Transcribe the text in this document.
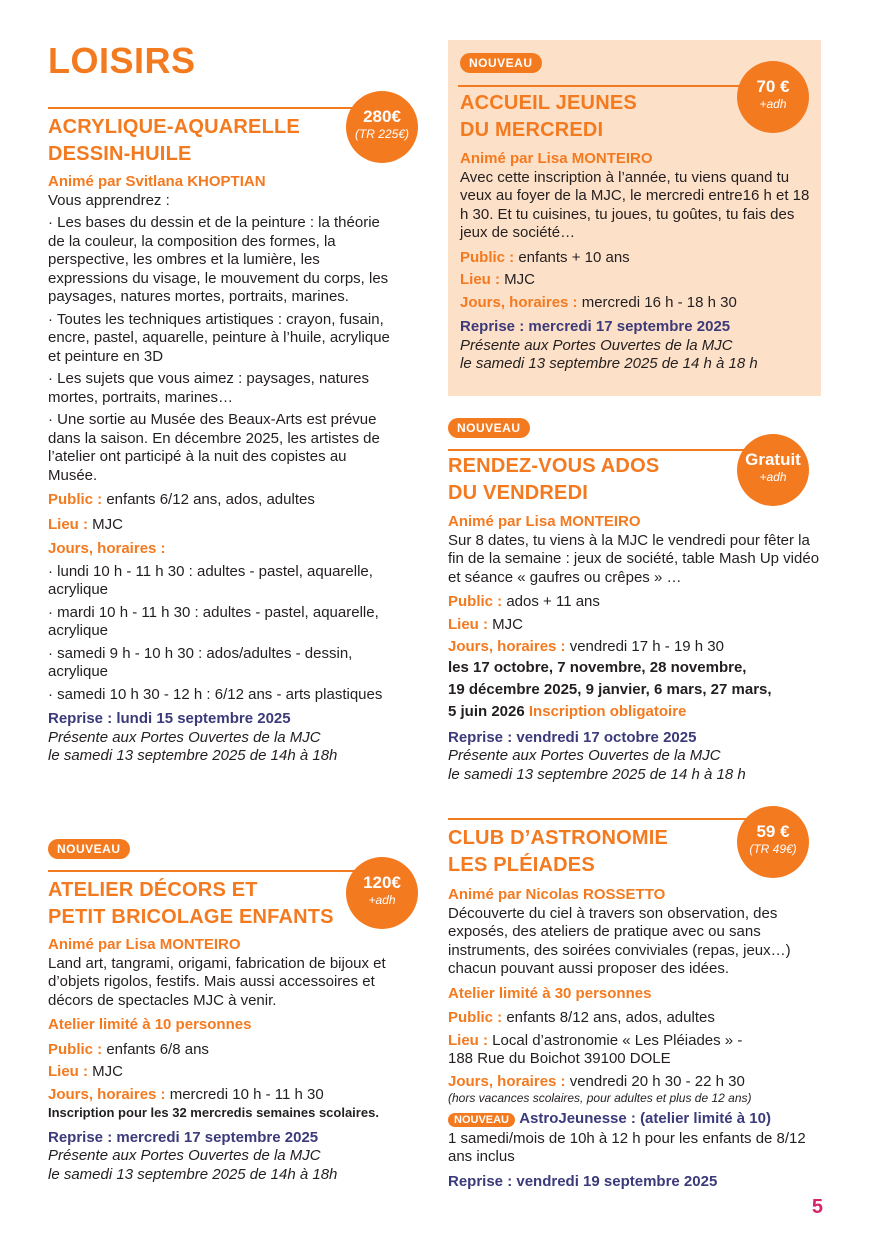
LOISIRS
280€
(TR 225€)
ACRYLIQUE-AQUARELLE
DESSIN-HUILE

Animé par Svitlana KHOPTIAN

Vous apprendrez :

· Les bases du dessin et de la peinture : la théorie de la couleur, la composition des formes, la perspective, les ombres et la lumière, les expressions du visage, le mouvement du corps, les paysages, natures mortes, portraits, marines.

· Toutes les techniques artistiques : crayon, fusain, encre, pastel, aquarelle, peinture à l’huile, acrylique et peinture en 3D

· Les sujets que vous aimez : paysages, natures mortes, portraits, marines…

· Une sortie au Musée des Beaux-Arts est prévue dans la saison. En décembre 2025, les artistes de l’atelier ont participé à la nuit des copistes au Musée.

Public : enfants 6/12 ans, ados, adultes

Lieu : MJC

Jours, horaires :

· lundi 10 h - 11 h 30 : adultes - pastel, aquarelle, acrylique

· mardi 10 h - 11 h 30 : adultes - pastel, aquarelle, acrylique

· samedi 9 h - 10 h 30 : ados/adultes - dessin, acrylique

· samedi 10 h 30 - 12 h : 6/12 ans - arts plastiques

Reprise : lundi 15 septembre 2025

Présente aux Portes Ouvertes de la MJC

le samedi 13 septembre 2025 de 14h à 18h

NOUVEAU
120€
+adh
ATELIER DÉCORS ET
PETIT BRICOLAGE ENFANTS

Animé par Lisa MONTEIRO

Land art, tangrami, origami, fabrication de bijoux et d’objets rigolos, festifs. Mais aussi accessoires et décors de spectacles MJC à venir.

Atelier limité à 10 personnes

Public : enfants 6/8 ans

Lieu : MJC

Jours, horaires : mercredi 10 h - 11 h 30

Inscription pour les 32 mercredis semaines scolaires.

Reprise : mercredi 17 septembre 2025

Présente aux Portes Ouvertes de la MJC

le samedi 13 septembre 2025 de 14h à 18h

NOUVEAU
70 €
+adh
ACCUEIL JEUNES
DU MERCREDI

Animé par Lisa MONTEIRO

Avec cette inscription à l’année, tu viens quand tu veux au foyer de la MJC, le mercredi entre16 h et 18 h 30. Et tu cuisines, tu joues, tu goûtes, tu fais des jeux de société…

Public : enfants + 10 ans

Lieu : MJC

Jours, horaires : mercredi 16 h - 18 h 30

Reprise : mercredi 17 septembre 2025

Présente aux Portes Ouvertes de la MJC

le samedi 13 septembre 2025 de 14 h à 18 h

NOUVEAU
Gratuit
+adh
RENDEZ-VOUS ADOS
DU VENDREDI

Animé par Lisa MONTEIRO

Sur 8 dates, tu viens à la MJC le vendredi pour fêter la fin de la semaine : jeux de société, table Mash Up vidéo et séance « gaufres ou crêpes » …

Public : ados + 11 ans

Lieu : MJC

Jours, horaires : vendredi 17 h - 19 h 30

les 17 octobre, 7 novembre, 28 novembre,

19 décembre 2025, 9 janvier, 6 mars, 27 mars,

5 juin 2026 Inscription obligatoire

Reprise : vendredi 17 octobre 2025

Présente aux Portes Ouvertes de la MJC

le samedi 13 septembre 2025 de 14 h à 18 h

59 €
(TR 49€)
CLUB D’ASTRONOMIE
LES PLÉIADES

Animé par Nicolas ROSSETTO

Découverte du ciel à travers son observation, des exposés, des ateliers de pratique avec ou sans instruments, des soirées conviviales (repas, jeux…) chacun pouvant aussi proposer des idées.

Atelier limité à 30 personnes

Public : enfants 8/12 ans, ados, adultes

Lieu : Local d’astronomie « Les Pléiades » -

188 Rue du Boichot 39100 DOLE

Jours, horaires : vendredi 20 h 30 - 22 h 30

(hors vacances scolaires, pour adultes et plus de 12 ans)

NOUVEAU AstroJeunesse : (atelier limité à 10)

1 samedi/mois de 10h à 12 h pour les enfants de 8/12 ans inclus

Reprise : vendredi 19 septembre 2025

5
